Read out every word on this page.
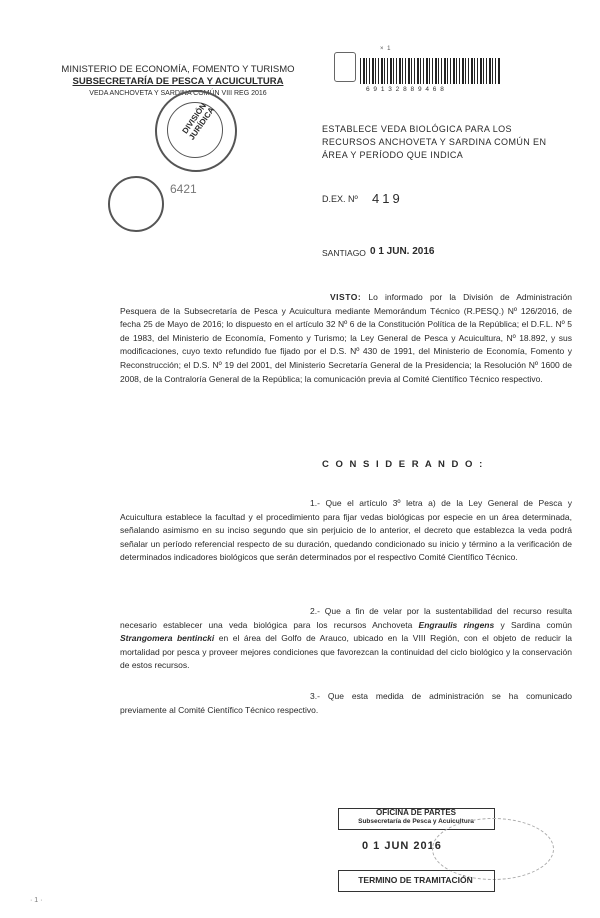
× 1
MINISTERIO DE ECONOMÍA, FOMENTO Y TURISMO
SUBSECRETARÍA DE PESCA Y ACUICULTURA
VEDA ANCHOVETA Y SARDINA COMÚN VIII REG 2016
6 9 1 3 2 8 8 9 4 6 8
DIVISIÓN JURÍDICA
6421
ESTABLECE VEDA BIOLÓGICA PARA LOS RECURSOS ANCHOVETA Y SARDINA COMÚN EN ÁREA Y PERÍODO QUE INDICA
D.EX. Nº 419
SANTIAGO 0 1 JUN. 2016
VISTO: Lo informado por la División de Administración Pesquera de la Subsecretaría de Pesca y Acuicultura mediante Memorándum Técnico (R.PESQ.) Nº 126/2016, de fecha 25 de Mayo de 2016; lo dispuesto en el artículo 32 Nº 6 de la Constitución Política de la República; el D.F.L. Nº 5 de 1983, del Ministerio de Economía, Fomento y Turismo; la Ley General de Pesca y Acuicultura, Nº 18.892, y sus modificaciones, cuyo texto refundido fue fijado por el D.S. Nº 430 de 1991, del Ministerio de Economía, Fomento y Reconstrucción; el D.S. Nº 19 del 2001, del Ministerio Secretaría General de la Presidencia; la Resolución Nº 1600 de 2008, de la Contraloría General de la República; la comunicación previa al Comité Científico Técnico respectivo.
C O N S I D E R A N D O :
1.- Que el artículo 3º letra a) de la Ley General de Pesca y Acuicultura establece la facultad y el procedimiento para fijar vedas biológicas por especie en un área determinada, señalando asimismo en su inciso segundo que sin perjuicio de lo anterior, el decreto que establezca la veda podrá señalar un período referencial respecto de su duración, quedando condicionado su inicio y término a la verificación de determinados indicadores biológicos que serán determinados por el respectivo Comité Científico Técnico.
2.- Que a fin de velar por la sustentabilidad del recurso resulta necesario establecer una veda biológica para los recursos Anchoveta Engraulis ringens y Sardina común Strangomera bentincki en el área del Golfo de Arauco, ubicado en la VIII Región, con el objeto de reducir la mortalidad por pesca y proveer mejores condiciones que favorezcan la continuidad del ciclo biológico y la conservación de estos recursos.
3.- Que esta medida de administración se ha comunicado previamente al Comité Científico Técnico respectivo.
OFICINA DE PARTES
Subsecretaría de Pesca y Acuicultura
0 1 JUN 2016
TERMINO DE TRAMITACIÓN
· 1 ·
